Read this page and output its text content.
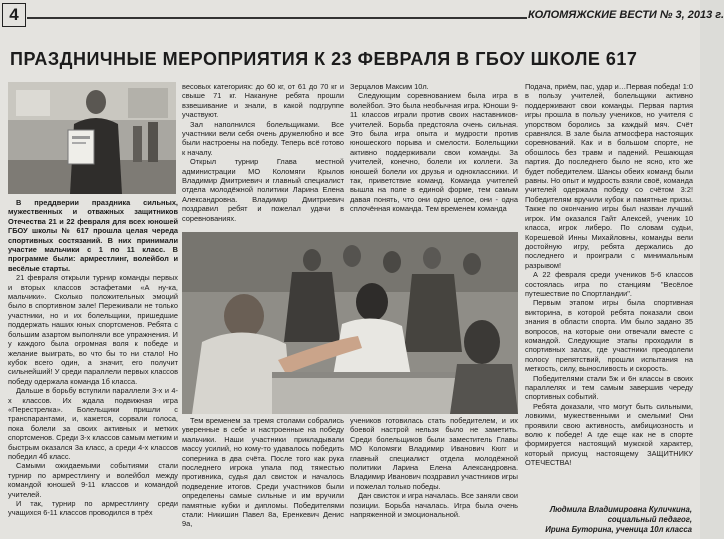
4	КОЛОМЯЖСКИЕ ВЕСТИ № 3, 2013 г.
ПРАЗДНИЧНЫЕ МЕРОПРИЯТИЯ К 23 ФЕВРАЛЯ В ГБОУ ШКОЛЕ 617

В преддверии праздника сильных, мужественных и отважных защитников Отечества 21 и 22 февраля для всех юношей ГБОУ школы № 617 прошла целая череда спортивных состязаний. В них принимали участие мальчики с 1 по 11 класс. В программе были: армрестлинг, волейбол и весёлые старты.

21 февраля открыли турнир команды первых и вторых классов эстафетами «А ну-ка, мальчики». Сколько положительных эмоций было в спортивном зале! Переживали не только участники, но и их болельщики, пришедшие поддержать наших юных спортсменов. Ребята с большим азартом выполняли все упражнения. И у каждого была огромная воля к победе и желание выиграть, во что бы то ни стало! Но кубок всего один, а значит, его получит сильнейший! У среди параллели первых классов победу одержала команда 1б класса.

Дальше в борьбу вступили параллели 3-х и 4-х классов. Их ждала подвижная игра «Перестрелка». Болельщики пришли с транспарантами, и, кажется, сорвали голоса, пока болели за своих активных и метких спортсменов. Среди 3-х классов самым метким и быстрым оказался 3а класс, а среди 4-х классов победил 4б класс.

Самыми ожидаемыми событиями стали турнир по армрестлингу и волейбол между командой юношей 9-11 классов и командой учителей.

И так, турнир по армрестлингу среди учащихся 6-11 классов проводился в трёх

весовых категориях: до 60 кг, от 61 до 70 кг и свыше 71 кг. Накануне ребята прошли взвешивание и знали, в какой подгруппе участвуют.

Зал наполнился болельщиками. Все участники вели себя очень дружелюбно и все были настроены на победу. Теперь всё готово к началу.

Открыл турнир Глава местной администрации МО Коломяги Крылов Владимир Дмитриевич и главный специалист отдела молодёжной политики Ларина Елена Александровна. Владимир Дмитриевич поздравил ребят и пожелал удачи в соревнованиях.

Зерцалов Максим 10л.

Следующим соревнованием была игра в волейбол. Это была необычная игра. Юноши 9-11 классов играли против своих наставников-учителей. Борьба предстояла очень сильная. Это была игра опыта и мудрости против юношеского порыва и смелости. Болельщики активно поддерживали свои команды. За учителей, конечно, болели их коллеги. За юношей болели их друзья и одноклассники. И так, приветствие команд. Команда учителей вышла на поле в единой форме, тем самым давая понять, что они одно целое, они - одна сплочённая команда. Тем временем команда

Тем временем за тремя столами собрались уверенные в себе и настроенные на победу мальчики. Наши участники прикладывали массу усилий, но кому-то удавалось победить соперника в два счёта. После того как рука последнего игрока упала под тяжестью противника, судья дал свисток и началось подведение итогов. Среди участников были определены самые сильные и им вручили памятные кубки и дипломы. Победителями стали: Никишин Павел 8а, Еренкевич Денис 9а,

учеников готовилась стать победителем, и их боевой настрой нельзя было не заметить. Среди болельщиков были заместитель Главы МО Коломяги Владимир Иванович Кюгг и главный специалист отдела молодёжной политики Ларина Елена Александровна. Владимир Иванович поздравил участников игры и пожелал только победы.

Дан свисток и игра началась. Все заняли свои позиции. Борьба началась. Игра была очень напряженной и эмоциональной.

Подача, приём, пас, удар и…Первая победа! 1:0 в пользу учителей, болельщики активно поддерживают свои команды. Первая партия игры прошла в пользу учеников, но учителя с упорством боролись за каждый мяч. Счёт сравнялся. В зале была атмосфера настоящих соревнований. Как и в большом спорте, не обошлось без травм и падений. Решающая партия. До последнего было не ясно, кто же будет победителем. Шансы обеих команд были равны. Но опыт и мудрость взяли своё, команда учителей одержала победу со счётом 3:2! Победителям вручили кубок и памятные призы. Также по окончанию игры был назван лучший игрок. Им оказался Гайт Алексей, ученик 10 класса, игрок либеро. По словам судьи, Корешевой Инны Михайловны, команды вели достойную игру, ребята держались до последнего и проиграли с минимальным разрывом!

А 22 февраля среди учеников 5-6 классов состоялась игра по станциям "Весёлое путешествие по Спортландии".

Первым этапом игры была спортивная викторина, в которой ребята показали свои знания в области спорта. Им было задано 35 вопросов, на которые они отвечали вместе с командой. Следующие этапы проходили в спортивных залах, где участники преодолели полосу препятствий, прошли испытания на меткость, силу, выносливость и скорость.

Победителями стали 5ж и 6н классы в своих параллелях и тем самым завершив череду спортивных событий.

Ребята доказали, что могут быть сильными, ловкими, мужественными и смелыми! Они проявили свою активность, амбициозность и волю к победе! А где еще как не в спорте формируется настоящий мужской характер, который присущ настоящему ЗАЩИТНИКУ ОТЕЧЕСТВА!

Людмила Владимировна Куличкина,
социальный педагог,
Ирина Буторина, ученица 10л класса
